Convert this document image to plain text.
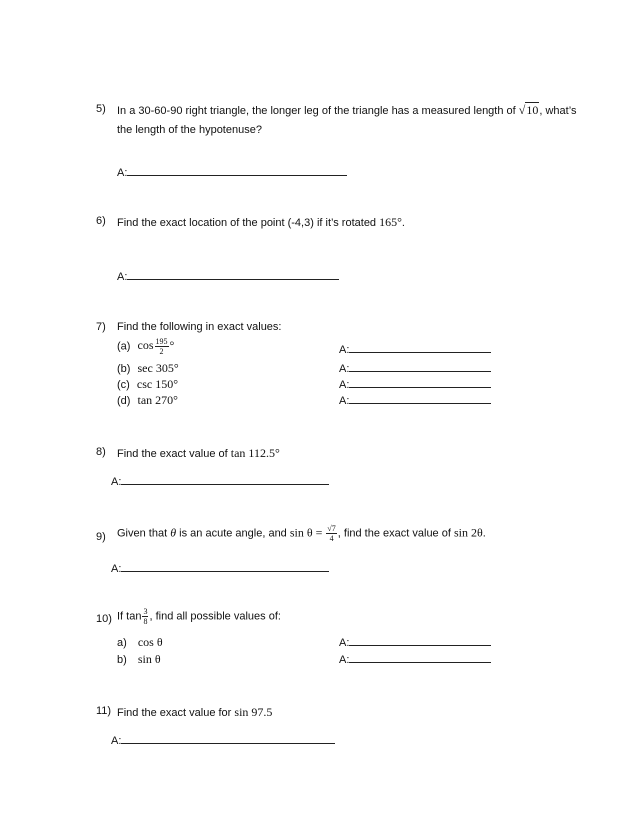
5) In a 30-60-90 right triangle, the longer leg of the triangle has a measured length of √10, what’s
the length of the hypotenuse?
A:
6) Find the exact location of the point (-4,3) if it’s rotated 165°.
A:
7) Find the following in exact values:
(a) $\cos \frac{195}{2}$ °
(b) sec 305°
(c) csc 150°
(d) tan 270°
A:
A:
A:
A:
8) Find the exact value of tan 112.5°
A:
9) Given that θ is an acute angle, and $\sin \theta = \frac{√7}{4}$ , find the exact value of sin 2θ.
A:
10) If $\tan \frac{3}{8}$ , find all possible values of:
a) cos θ
b) sin θ
A:
A:
11) Find the exact value for sin 97.5
A:
